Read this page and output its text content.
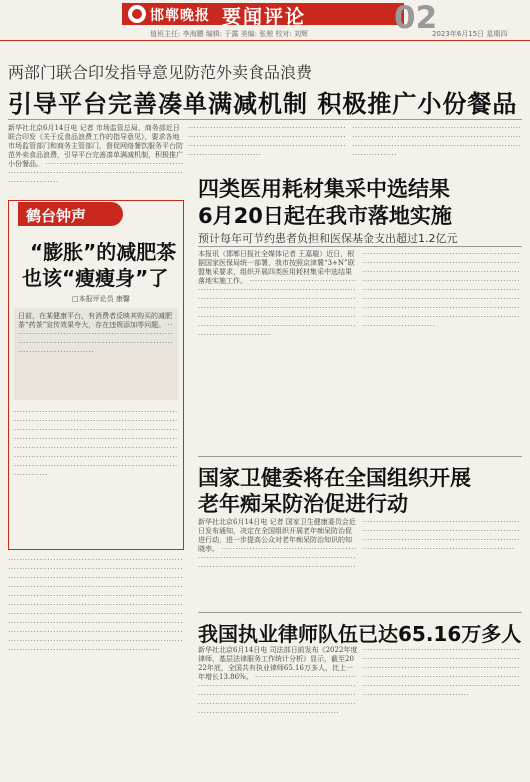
邯郸晚报 要闻评论	02
值班主任: 李海鹏 编辑: 于露 美编: 张驰 校对: 刘辉	2023年6月15日 星期四
两部门联合印发指导意见防范外卖食品浪费
引导平台完善凑单满减机制 积极推广小份餐品
新华社北京6月14日电 记者 市场监管总局、商务部近日联合印发《关于反食品浪费工作的指导意见》，要求各地市场监管部门和商务主管部门，督促网络餐饮服务平台防范外卖食品浪费，引导平台完善凑单满减机制，积极推广小份餐品。 ·································································································································
··································································································································································································
····································································································································································································
鹤台钟声
“膨胀”的减肥茶
也该“瘦瘦身”了
□本报评论员 康馨
日前，在某健康平台，有消费者反映其购买的减肥茶“药茶”宣传效果夸大，存在违规添加等问题。 ···········································································································································
··································································································································································································································································································································································································································
··································································································································································································································································································································································································································································································································································································································································································
四类医用耗材集采中选结果
6月20日起在我市落地实施
预计每年可节约患者负担和医保基金支出超过1.2亿元
本报讯（邯郸日报社全媒体记者 王嘉璇）近日，根据国家医保局统一部署，我市按照京津冀“3+N”联盟集采要求，组织开展四类医用耗材集采中选结果落地实施工作。 ························································································································································································································································································································································
··························································································································································································································································································································································································································································································
国家卫健委将在全国组织开展
老年痴呆防治促进行动
新华社北京6月14日电 记者 国家卫生健康委员会近日发布通知，决定在全国组织开展老年痴呆防治促进行动，进一步提高公众对老年痴呆防治知识的知晓率。 ································································································································································
······························································································································································································································
我国执业律师队伍已达65.16万多人
新华社北京6月14日电 司法部日前发布《2022年度律师、基层法律服务工作统计分析》显示，截至2022年底，全国共有执业律师65.16万多人，比上一年增长13.86%。 ······························································································································································································································································
······························································································································································································································································································································
